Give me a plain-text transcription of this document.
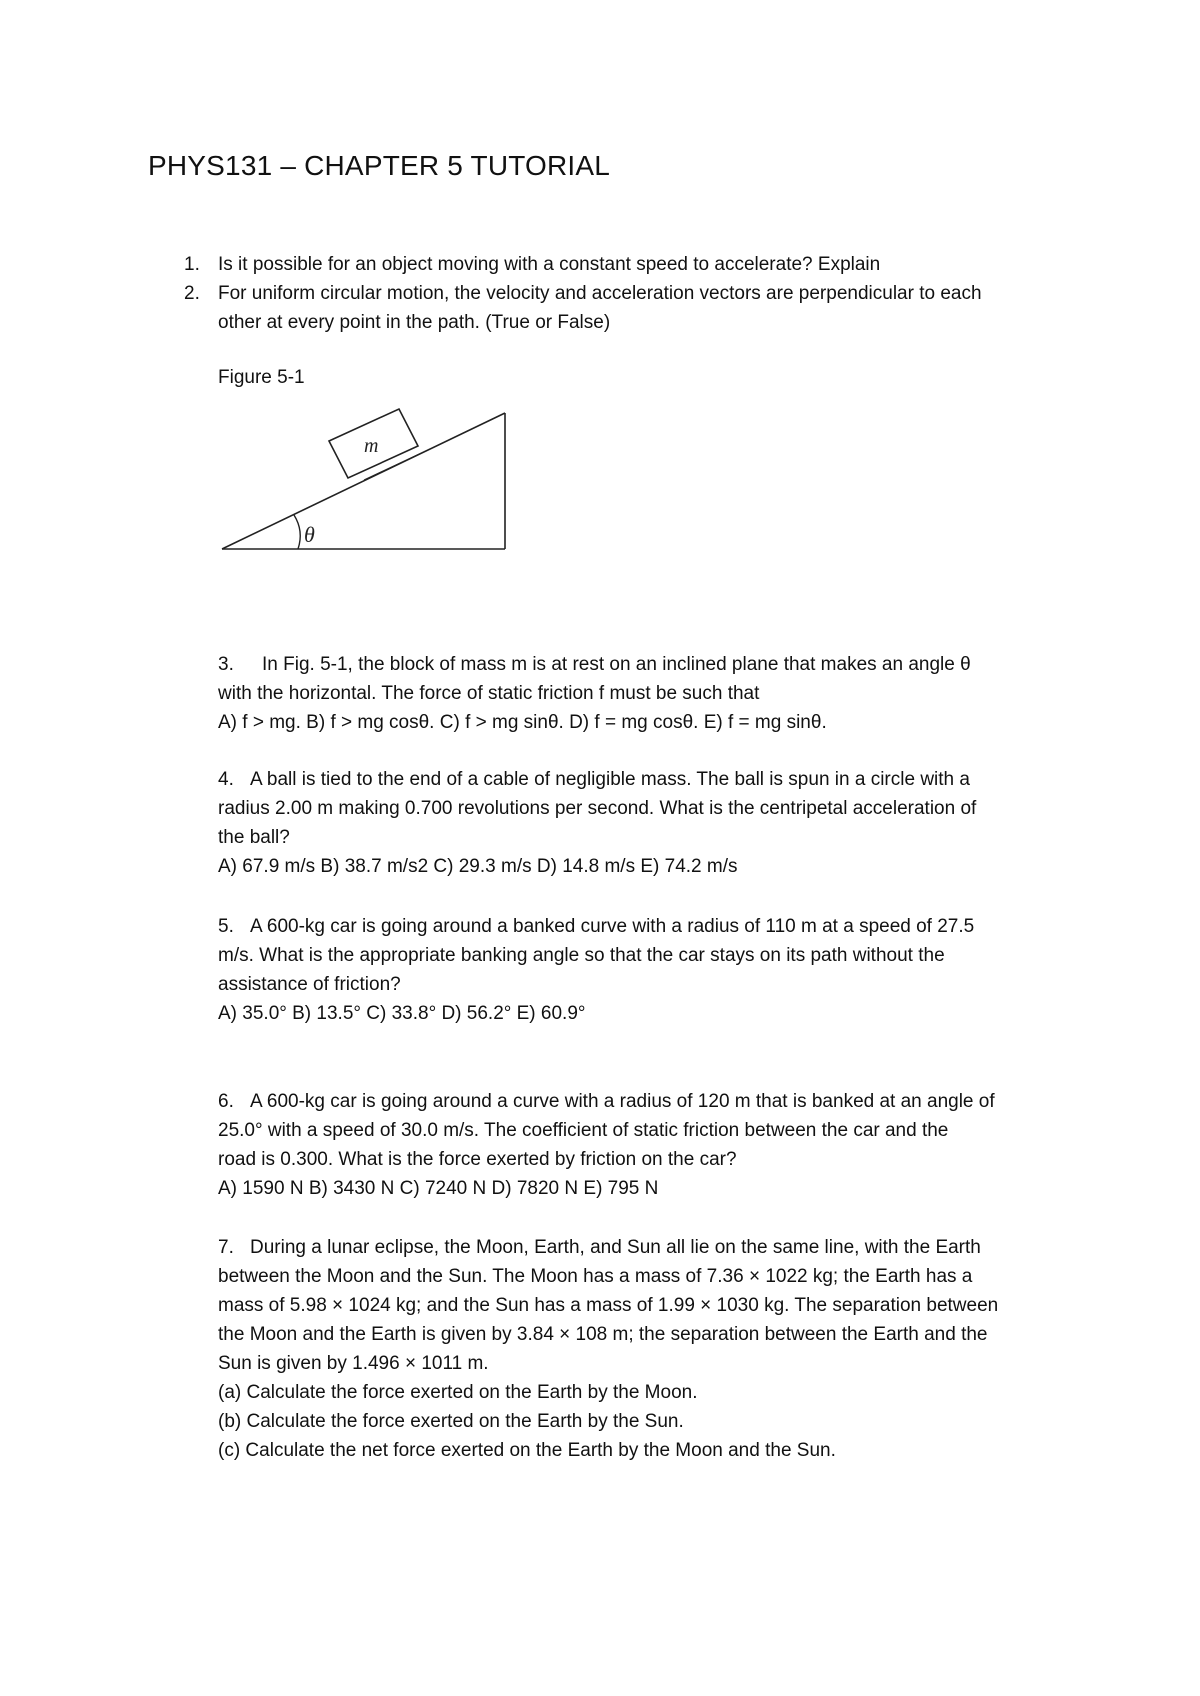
PHYS131 – CHAPTER 5 TUTORIAL
1. Is it possible for an object moving with a constant speed to accelerate? Explain
2. For uniform circular motion, the velocity and acceleration vectors are perpendicular to each
other at every point in the path. (True or False)
Figure 5-1
m
θ
3.	In Fig. 5-1, the block of mass m is at rest on an inclined plane that makes an angle θ
with the horizontal. The force of static friction f must be such that
A) f > mg. B) f > mg cosθ. C) f > mg sinθ. D) f = mg cosθ. E) f = mg sinθ.
4. A ball is tied to the end of a cable of negligible mass. The ball is spun in a circle with a
radius 2.00 m making 0.700 revolutions per second. What is the centripetal acceleration of
the ball?
A) 67.9 m/s B) 38.7 m/s2 C) 29.3 m/s D) 14.8 m/s E) 74.2 m/s
5. A 600-kg car is going around a banked curve with a radius of 110 m at a speed of 27.5
m/s. What is the appropriate banking angle so that the car stays on its path without the
assistance of friction?
A) 35.0° B) 13.5° C) 33.8° D) 56.2° E) 60.9°
6. A 600-kg car is going around a curve with a radius of 120 m that is banked at an angle of
25.0° with a speed of 30.0 m/s. The coefficient of static friction between the car and the
road is 0.300. What is the force exerted by friction on the car?
A) 1590 N B) 3430 N C) 7240 N D) 7820 N E) 795 N
7. During a lunar eclipse, the Moon, Earth, and Sun all lie on the same line, with the Earth
between the Moon and the Sun. The Moon has a mass of 7.36 × 1022 kg; the Earth has a
mass of 5.98 × 1024 kg; and the Sun has a mass of 1.99 × 1030 kg. The separation between
the Moon and the Earth is given by 3.84 × 108 m; the separation between the Earth and the
Sun is given by 1.496 × 1011 m.
(a) Calculate the force exerted on the Earth by the Moon.
(b) Calculate the force exerted on the Earth by the Sun.
(c) Calculate the net force exerted on the Earth by the Moon and the Sun.
